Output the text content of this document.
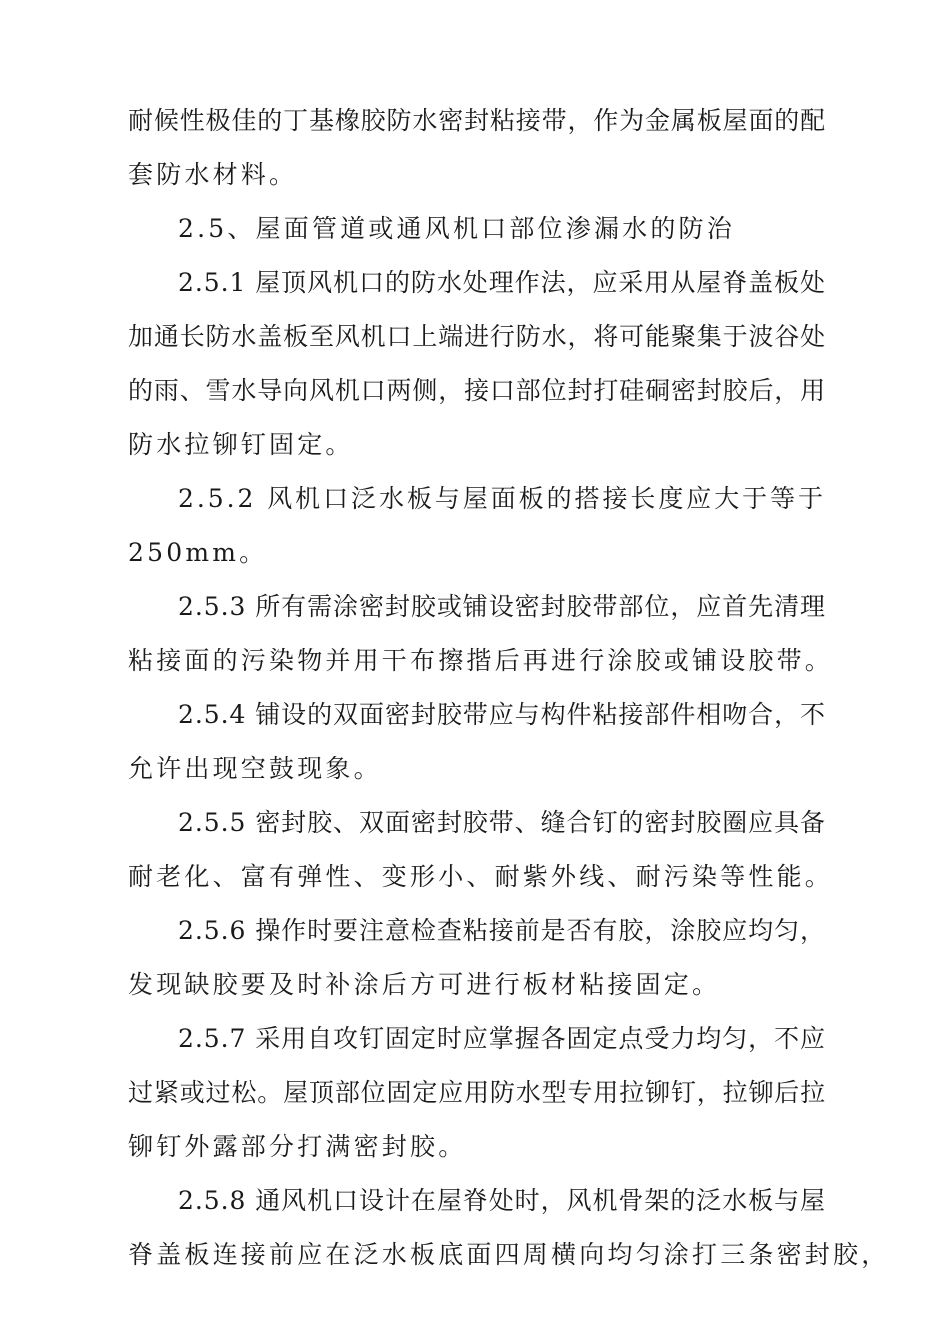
耐候性极佳的丁基橡胶防水密封粘接带，作为金属板屋面的配
套防水材料。
2.5、屋面管道或通风机口部位渗漏水的防治
2.5.1 屋顶风机口的防水处理作法，应采用从屋脊盖板处
加通长防水盖板至风机口上端进行防水，将可能聚集于波谷处
的雨、雪水导向风机口两侧，接口部位封打硅硐密封胶后，用
防水拉铆钉固定。
2.5.2 风机口泛水板与屋面板的搭接长度应大于等于
250mm。
2.5.3 所有需涂密封胶或铺设密封胶带部位，应首先清理
粘接面的污染物并用干布擦揩后再进行涂胶或铺设胶带。
2.5.4 铺设的双面密封胶带应与构件粘接部件相吻合，不
允许出现空鼓现象。
2.5.5 密封胶、双面密封胶带、缝合钉的密封胶圈应具备
耐老化、富有弹性、变形小、耐紫外线、耐污染等性能。
2.5.6 操作时要注意检查粘接前是否有胶，涂胶应均匀，
发现缺胶要及时补涂后方可进行板材粘接固定。
2.5.7 采用自攻钉固定时应掌握各固定点受力均匀，不应
过紧或过松。屋顶部位固定应用防水型专用拉铆钉，拉铆后拉
铆钉外露部分打满密封胶。
2.5.8 通风机口设计在屋脊处时，风机骨架的泛水板与屋
脊盖板连接前应在泛水板底面四周横向均匀涂打三条密封胶，
